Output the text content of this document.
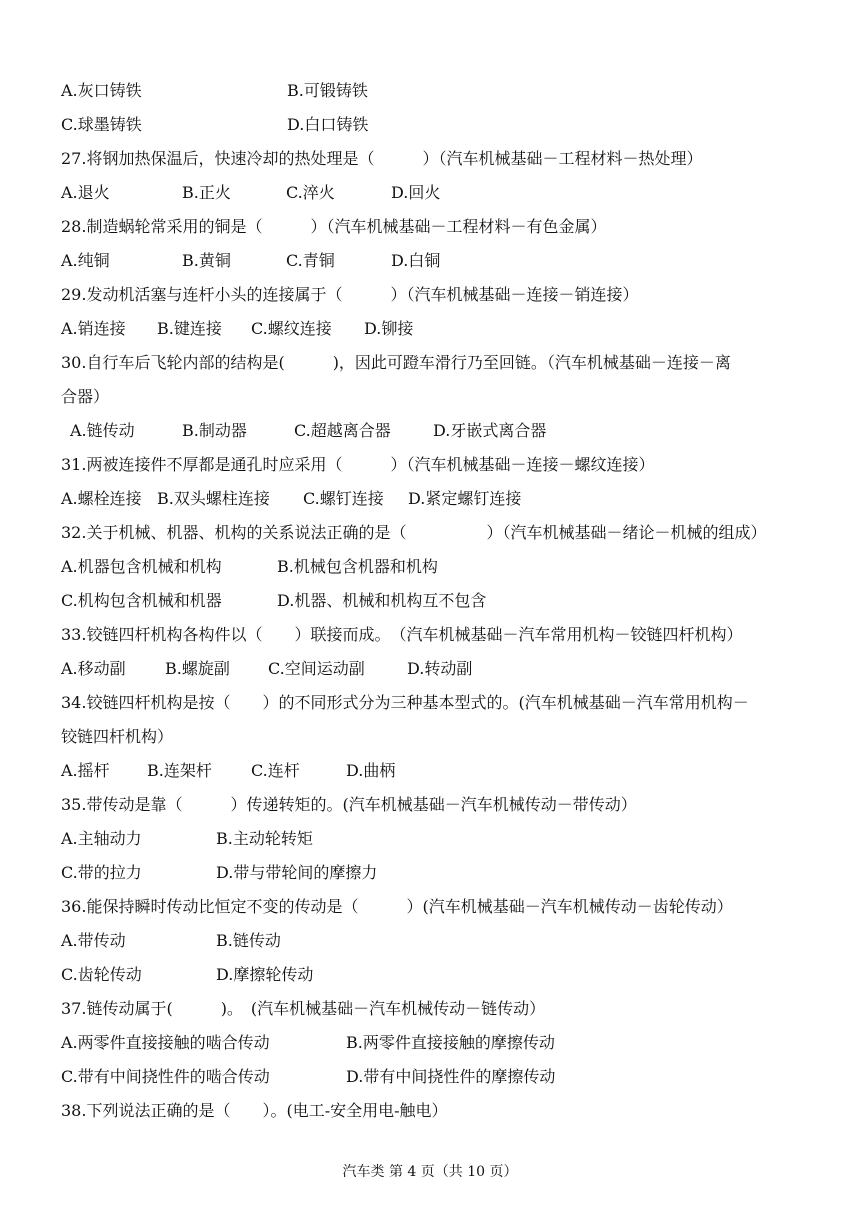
A.灰口铸铁	B.可锻铸铁
C.球墨铸铁	D.白口铸铁
27.将钢加热保温后，快速冷却的热处理是（　　　）（汽车机械基础－工程材料－热处理）
A.退火	B.正火	C.淬火	D.回火
28.制造蜗轮常采用的铜是（　　　）（汽车机械基础－工程材料－有色金属）
A.纯铜	B.黄铜	C.青铜	D.白铜
29.发动机活塞与连杆小头的连接属于（　　　）（汽车机械基础－连接－销连接）
A.销连接 B.键连接 C.螺纹连接 D.铆接
30.自行车后飞轮内部的结构是(　　　)，因此可蹬车滑行乃至回链。（汽车机械基础－连接－离
合器）
A.链传动	B.制动器	C.超越离合器	D.牙嵌式离合器
31.两被连接件不厚都是通孔时应采用（　　　）（汽车机械基础－连接－螺纹连接）
A.螺栓连接 B.双头螺柱连接 C.螺钉连接 D.紧定螺钉连接
32.关于机械、机器、机构的关系说法正确的是（　　　　　）（汽车机械基础－绪论－机械的组成）
A.机器包含机械和机构	B.机械包含机器和机构
C.机构包含机械和机器	D.机器、机械和机构互不包含
33.铰链四杆机构各构件以（　　）联接而成。　（汽车机械基础－汽车常用机构－铰链四杆机构）
A.移动副 B.螺旋副 C.空间运动副	D.转动副
34.铰链四杆机构是按（　　）的不同形式分为三种基本型式的。(汽车机械基础－汽车常用机构－
铰链四杆机构）
A.摇杆 B.连架杆 C.连杆	D.曲柄
35.带传动是靠（　　　）传递转矩的。(汽车机械基础－汽车机械传动－带传动）
A.主轴动力	B.主动轮转矩
C.带的拉力	D.带与带轮间的摩擦力
36.能保持瞬时传动比恒定不变的传动是（　　　）(汽车机械基础－汽车机械传动－齿轮传动）
A.带传动	B.链传动
C.齿轮传动	D.摩擦轮传动
37.链传动属于(　　　)。　(汽车机械基础－汽车机械传动－链传动）
A.两零件直接接触的啮合传动	B.两零件直接接触的摩擦传动
C.带有中间挠性件的啮合传动	D.带有中间挠性件的摩擦传动
38.下列说法正确的是（　　）。(电工-安全用电-触电）
汽车类 第 4 页（共 10 页）
